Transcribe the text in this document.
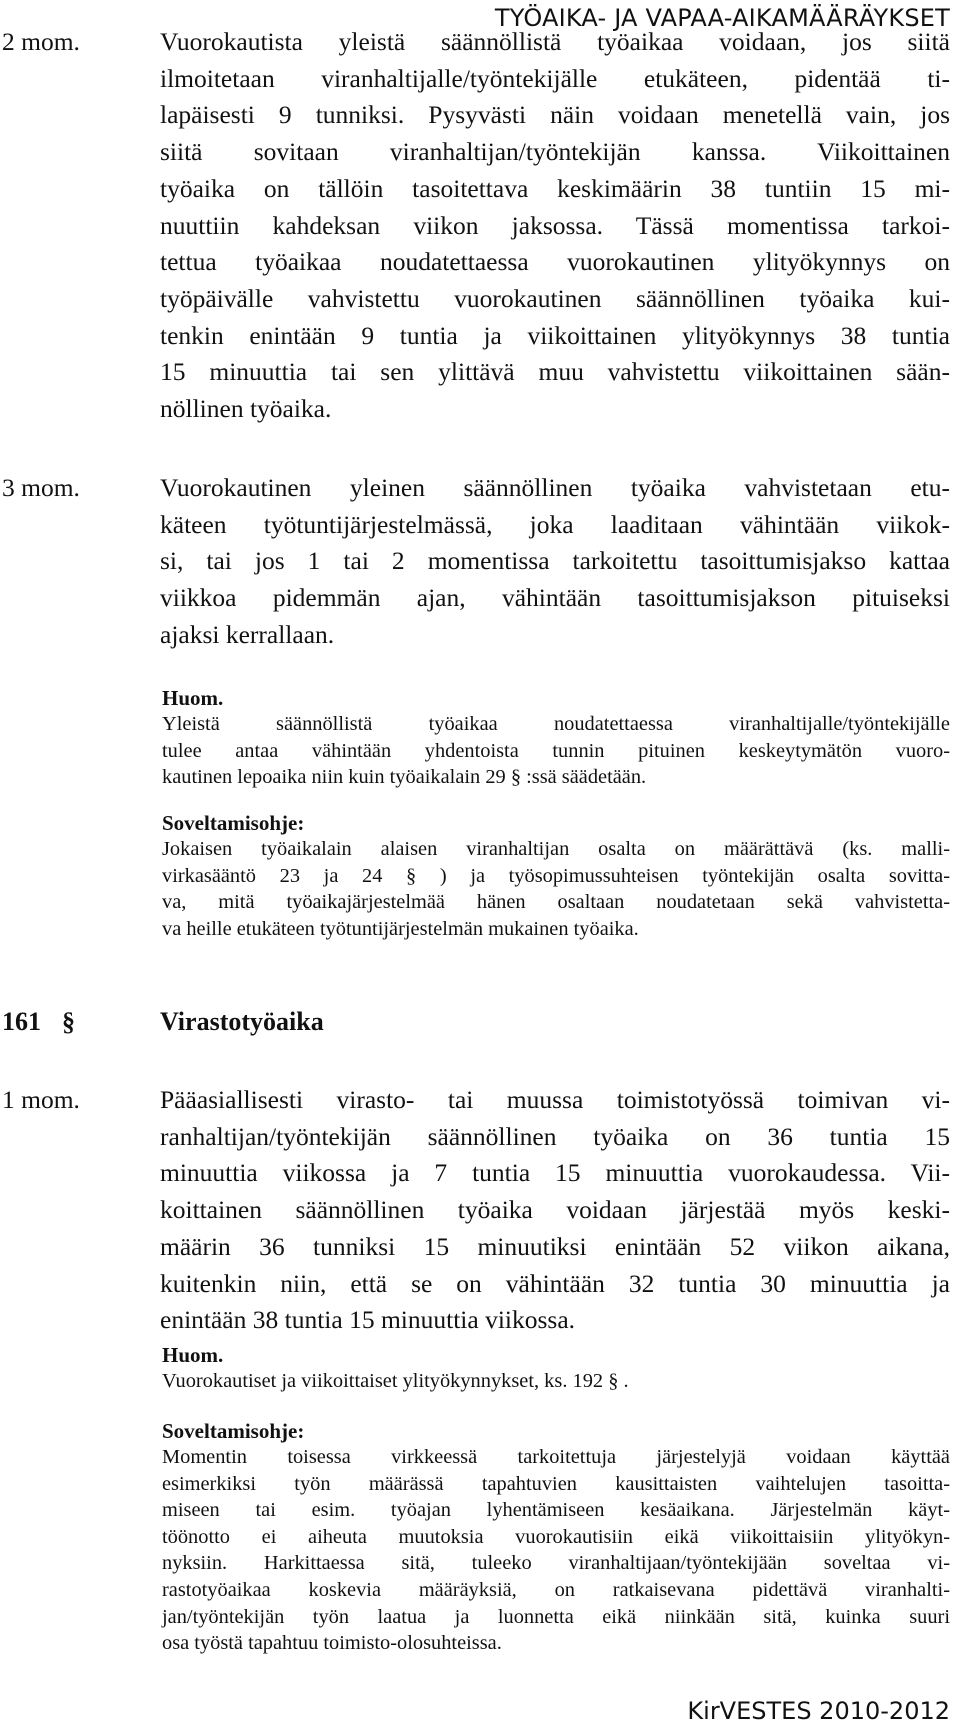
TYÖAIKA- JA VAPAA-AIKAMÄÄRÄYKSET
2 mom.	Vuorokautista yleistä säännöllistä työaikaa voidaan, jos siitä
ilmoitetaan viranhaltijalle/työntekijälle etukäteen, pidentää ti-
lapäisesti 9 tunniksi. Pysyvästi näin voidaan menetellä vain, jos
siitä sovitaan viranhaltijan/työntekijän kanssa. Viikoittainen
työaika on tällöin tasoitettava keskimäärin 38 tuntiin 15 mi-
nuuttiin kahdeksan viikon jaksossa. Tässä momentissa tarkoi-
tettua työaikaa noudatettaessa vuorokautinen ylityökynnys on
työpäivälle vahvistettu vuorokautinen säännöllinen työaika kui-
tenkin enintään 9 tuntia ja viikoittainen ylityökynnys 38 tuntia
15 minuuttia tai sen ylittävä muu vahvistettu viikoittainen sään-
nöllinen työaika.
3 mom.	Vuorokautinen yleinen säännöllinen työaika vahvistetaan etu-
käteen työtuntijärjestelmässä, joka laaditaan vähintään viikok-
si, tai jos 1 tai 2 momentissa tarkoitettu tasoittumisjakso kattaa
viikkoa pidemmän ajan, vähintään tasoittumisjakson pituiseksi
ajaksi kerrallaan.
Huom.
Yleistä säännöllistä työaikaa noudatettaessa viranhaltijalle/työntekijälle
tulee antaa vähintään yhdentoista tunnin pituinen keskeytymätön vuoro-
kautinen lepoaika niin kuin työaikalain 29 § :ssä säädetään.
Soveltamisohje:
Jokaisen työaikalain alaisen viranhaltijan osalta on määrättävä (ks. malli-
virkasääntö 23 ja 24 § ) ja työsopimussuhteisen työntekijän osalta sovitta-
va, mitä työaikajärjestelmää hänen osaltaan noudatetaan sekä vahvistetta-
va heille etukäteen työtuntijärjestelmän mukainen työaika.
161 §	Virastotyöaika
1 mom.	Pääasiallisesti virasto- tai muussa toimistotyössä toimivan vi-
ranhaltijan/työntekijän säännöllinen työaika on 36 tuntia 15
minuuttia viikossa ja 7 tuntia 15 minuuttia vuorokaudessa. Vii-
koittainen säännöllinen työaika voidaan järjestää myös keski-
määrin 36 tunniksi 15 minuutiksi enintään 52 viikon aikana,
kuitenkin niin, että se on vähintään 32 tuntia 30 minuuttia ja
enintään 38 tuntia 15 minuuttia viikossa.
Huom.
Vuorokautiset ja viikoittaiset ylityökynnykset, ks. 192 § .
Soveltamisohje:
Momentin toisessa virkkeessä tarkoitettuja järjestelyjä voidaan käyttää
esimerkiksi työn määrässä tapahtuvien kausittaisten vaihtelujen tasoitta-
miseen tai esim. työajan lyhentämiseen kesäaikana. Järjestelmän käyt-
töönotto ei aiheuta muutoksia vuorokautisiin eikä viikoittaisiin ylityökyn-
nyksiin. Harkittaessa sitä, tuleeko viranhaltijaan/työntekijään soveltaa vi-
rastotyöaikaa koskevia määräyksiä, on ratkaisevana pidettävä viranhalti-
jan/työntekijän työn laatua ja luonnetta eikä niinkään sitä, kuinka suuri
osa työstä tapahtuu toimisto-olosuhteissa.
KirVESTES 2010-2012
